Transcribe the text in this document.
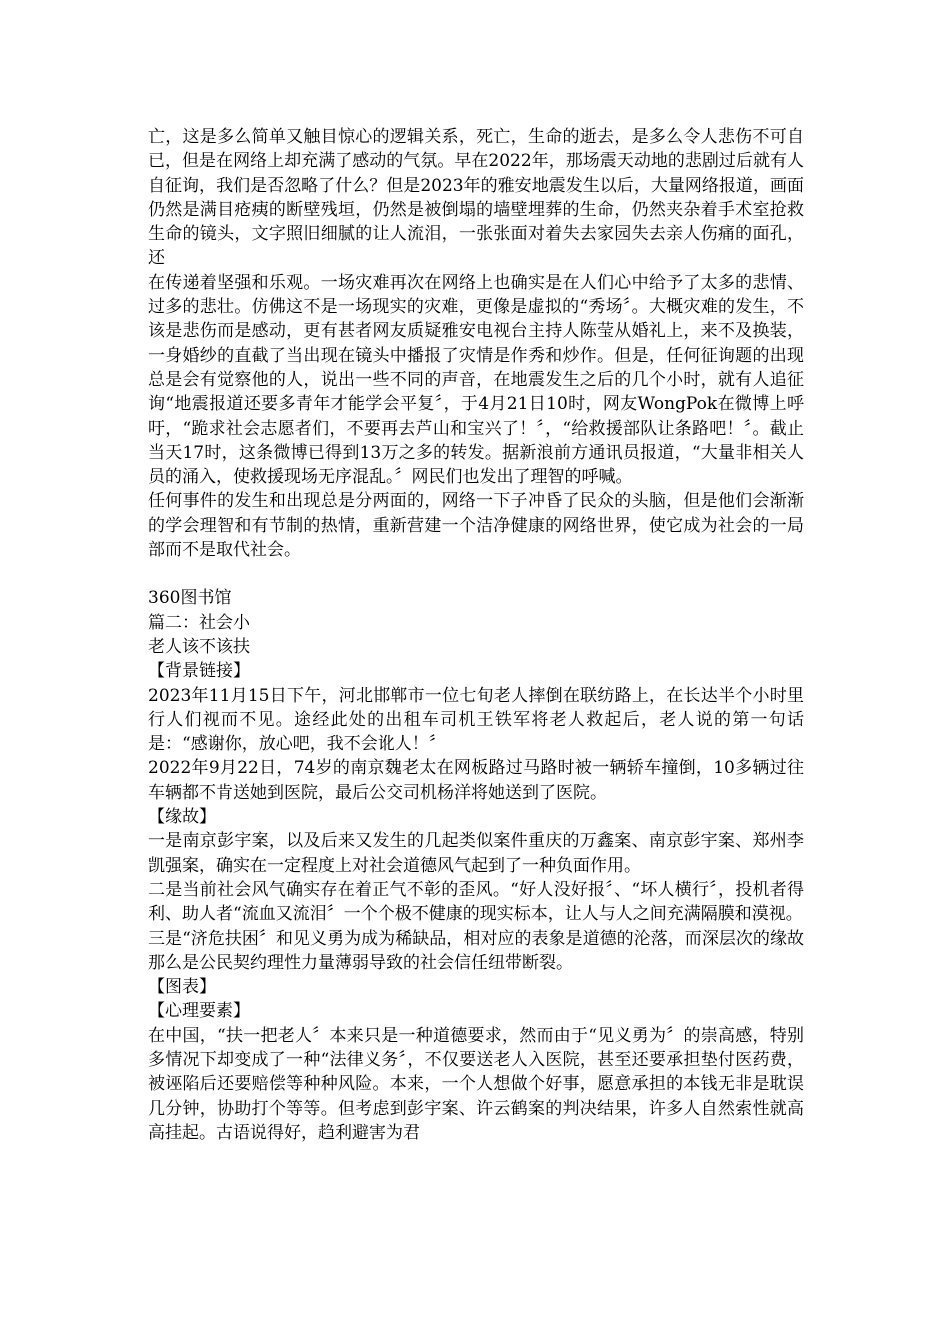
亡，这是多么简单又触目惊心的逻辑关系，死亡，生命的逝去，是多么令人悲伤不可自已，但是在网络上却充满了感动的气氛。早在2022年，那场震天动地的悲剧过后就有人自征询，我们是否忽略了什么？但是2023年的雅安地震发生以后，大量网络报道，画面仍然是满目疮痍的断壁残垣，仍然是被倒塌的墙壁埋葬的生命，仍然夹杂着手术室抢救生命的镜头，文字照旧细腻的让人流泪，一张张面对着失去家园失去亲人伤痛的面孔，还

在传递着坚强和乐观。一场灾难再次在网络上也确实是在人们心中给予了太多的悲情、过多的悲壮。仿佛这不是一场现实的灾难，更像是虚拟的“秀场〞。大概灾难的发生，不该是悲伤而是感动，更有甚者网友质疑雅安电视台主持人陈莹从婚礼上，来不及换装，一身婚纱的直截了当出现在镜头中播报了灾情是作秀和炒作。但是，任何征询题的出现总是会有觉察他的人，说出一些不同的声音，在地震发生之后的几个小时，就有人追征询“地震报道还要多青年才能学会平复〞，于4月21日10时，网友WongPok在微博上呼吁，“跪求社会志愿者们，不要再去芦山和宝兴了！〞，“给救援部队让条路吧！〞。截止当天17时，这条微博已得到13万之多的转发。据新浪前方通讯员报道，“大量非相关人员的涌入，使救援现场无序混乱。〞网民们也发出了理智的呼喊。

任何事件的发生和出现总是分两面的，网络一下子冲昏了民众的头脑，但是他们会渐渐的学会理智和有节制的热情，重新营建一个洁净健康的网络世界，使它成为社会的一局部而不是取代社会。

360图书馆

篇二：社会小

老人该不该扶

【背景链接】

2023年11月15日下午，河北邯郸市一位七旬老人摔倒在联纺路上，在长达半个小时里行人们视而不见。途经此处的出租车司机王铁军将老人救起后，老人说的第一句话是：“感谢你，放心吧，我不会讹人！〞

2022年9月22日，74岁的南京魏老太在网板路过马路时被一辆轿车撞倒，10多辆过往车辆都不肯送她到医院，最后公交司机杨洋将她送到了医院。

【缘故】

一是南京彭宇案，以及后来又发生的几起类似案件重庆的万鑫案、南京彭宇案、郑州李凯强案，确实在一定程度上对社会道德风气起到了一种负面作用。

二是当前社会风气确实存在着正气不彰的歪风。“好人没好报〞、“坏人横行〞，投机者得利、助人者“流血又流泪〞一个个极不健康的现实标本，让人与人之间充满隔膜和漠视。

三是“济危扶困〞和见义勇为成为稀缺品，相对应的表象是道德的沦落，而深层次的缘故那么是公民契约理性力量薄弱导致的社会信任纽带断裂。

【图表】

【心理要素】

在中国，“扶一把老人〞本来只是一种道德要求，然而由于“见义勇为〞的崇高感，特别多情况下却变成了一种“法律义务〞，不仅要送老人入医院，甚至还要承担垫付医药费，被诬陷后还要赔偿等种种风险。本来，一个人想做个好事，愿意承担的本钱无非是耽误几分钟，协助打个等等。但考虑到彭宇案、许云鹤案的判决结果，许多人自然索性就高高挂起。古语说得好，趋利避害为君
